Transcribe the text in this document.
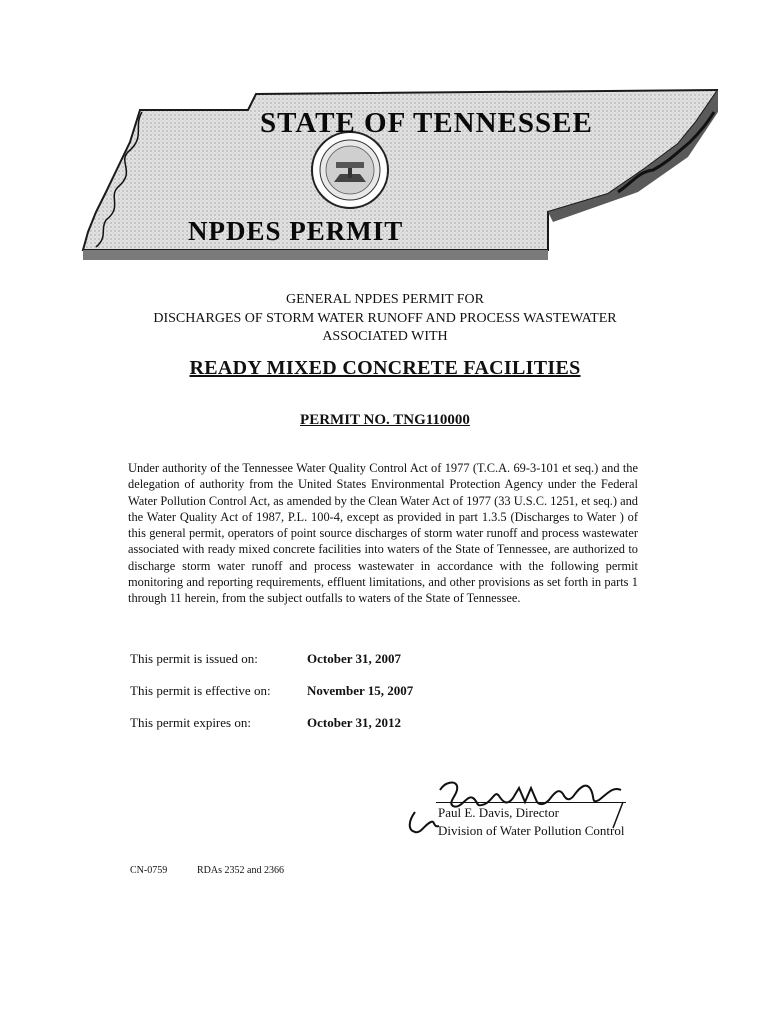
STATE OF TENNESSEE
NPDES PERMIT
GENERAL NPDES PERMIT FOR
DISCHARGES OF STORM WATER RUNOFF AND PROCESS WASTEWATER
ASSOCIATED WITH
READY MIXED CONCRETE FACILITIES
PERMIT NO. TNG110000
Under authority of the Tennessee Water Quality Control Act of 1977 (T.C.A. 69-3-101 et seq.) and the delegation of authority from the United States Environmental Protection Agency under the Federal Water Pollution Control Act, as amended by the Clean Water Act of 1977 (33 U.S.C. 1251, et seq.) and the Water Quality Act of 1987, P.L. 100-4, except as provided in part 1.3.5 (Discharges to Water ) of this general permit, operators of point source discharges of storm water runoff and process wastewater associated with ready mixed concrete facilities into waters of the State of Tennessee, are authorized to discharge storm water runoff and process wastewater in accordance with the following permit monitoring and reporting requirements, effluent limitations, and other provisions as set forth in parts 1 through 11 herein, from the subject outfalls to waters of the State of Tennessee.
This permit is issued on:	October 31, 2007
This permit is effective on:	November 15, 2007
This permit expires on:	October 31, 2012
Paul E. Davis, Director
Division of Water Pollution Control
CN-0759	RDAs 2352 and 2366
